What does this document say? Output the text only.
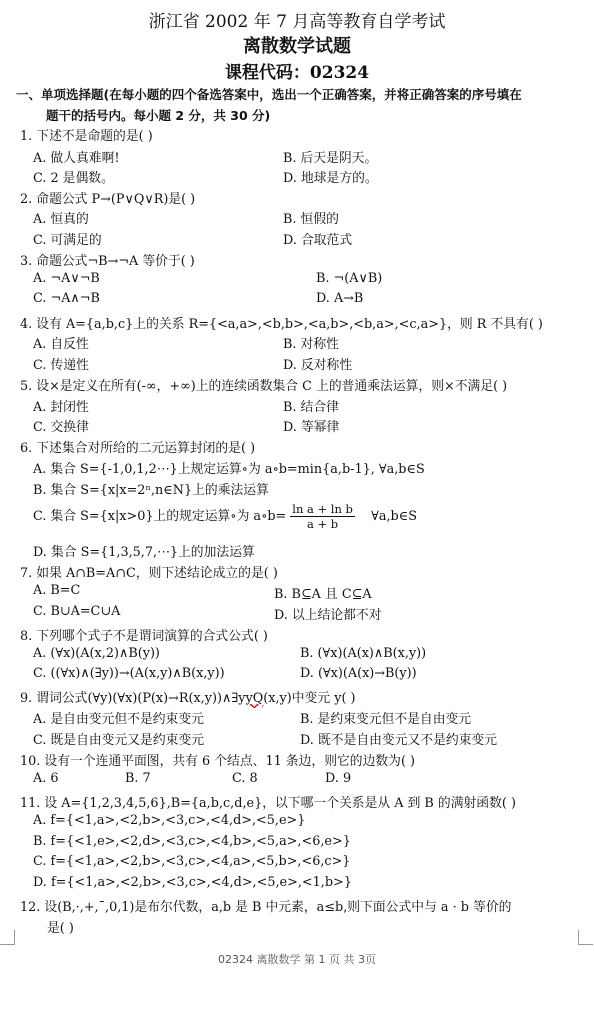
浙江省 2002 年 7 月高等教育自学考试
离散数学试题
课程代码：02324
一、单项选择题(在每小题的四个备选答案中，选出一个正确答案，并将正确答案的序号填在
题干的括号内。每小题 2 分，共 30 分)
1. 下述不是命题的是( )
A. 做人真难啊!	B. 后天是阴天。
C. 2 是偶数。	D. 地球是方的。
2. 命题公式 P→(P∨Q∨R)是( )
A. 恒真的	B. 恒假的
C. 可满足的	D. 合取范式
3. 命题公式¬B→¬A 等价于( )
A. ¬A∨¬B	B. ¬(A∨B)
C. ¬A∧¬B	D. A→B
4. 设有 A={a,b,c}上的关系 R={<a,a>,<b,b>,<a,b>,<b,a>,<c,a>}，则 R 不具有( )
A. 自反性	B. 对称性
C. 传递性	D. 反对称性
5. 设×是定义在所有(-∞，+∞)上的连续函数集合 C 上的普通乘法运算，则×不满足( )
A. 封闭性	B. 结合律
C. 交换律	D. 等幂律
6. 下述集合对所给的二元运算封闭的是( )
A. 集合 S={-1,0,1,2⋯}上规定运算∘为 a∘b=min{a,b-1}, ∀a,b∈S
B. 集合 S={x|x=2ⁿ,n∈N}上的乘法运算
C. 集合 S={x|x>0}上的规定运算∘为 a∘b= $\frac{\text{ln a + ln b}}{a + b}$ ∀a,b∈S
D. 集合 S={1,3,5,7,⋯}上的加法运算
7. 如果 A∩B=A∩C，则下述结论成立的是( )
A. B=C	B. B⊆A 且 C⊆A
C. B∪A=C∪A	D. 以上结论都不对
8. 下列哪个式子不是谓词演算的合式公式( )
A. (∀x)(A(x,2)∧B(y))	B. (∀x)(A(x)∧B(x,y))
C. ((∀x)∧(∃y))→(A(x,y)∧B(x,y))	D. (∀x)(A(x)→B(y))
9. 谓词公式(∀y)(∀x)(P(x)→R(x,y))∧∃yyQ(x,y)中变元 y( )
A. 是自由变元但不是约束变元	B. 是约束变元但不是自由变元
C. 既是自由变元又是约束变元	D. 既不是自由变元又不是约束变元
10. 设有一个连通平面图，共有 6 个结点、11 条边，则它的边数为( )
A. 6	B. 7	C. 8	D. 9
11. 设 A={1,2,3,4,5,6},B={a,b,c,d,e}，以下哪一个关系是从 A 到 B 的满射函数( )
A. f={<1,a>,<2,b>,<3,c>,<4,d>,<5,e>}
B. f={<1,e>,<2,d>,<3,c>,<4,b>,<5,a>,<6,e>}
C. f={<1,a>,<2,b>,<3,c>,<4,a>,<5,b>,<6,c>}
D. f={<1,a>,<2,b>,<3,c>,<4,d>,<5,e>,<1,b>}
12. 设(B,·,+,¯,0,1)是布尔代数，a,b 是 B 中元素，a≤b,则下面公式中与 a · b 等价的
是( )
02324 离散数学 第 1 页 共 3页
